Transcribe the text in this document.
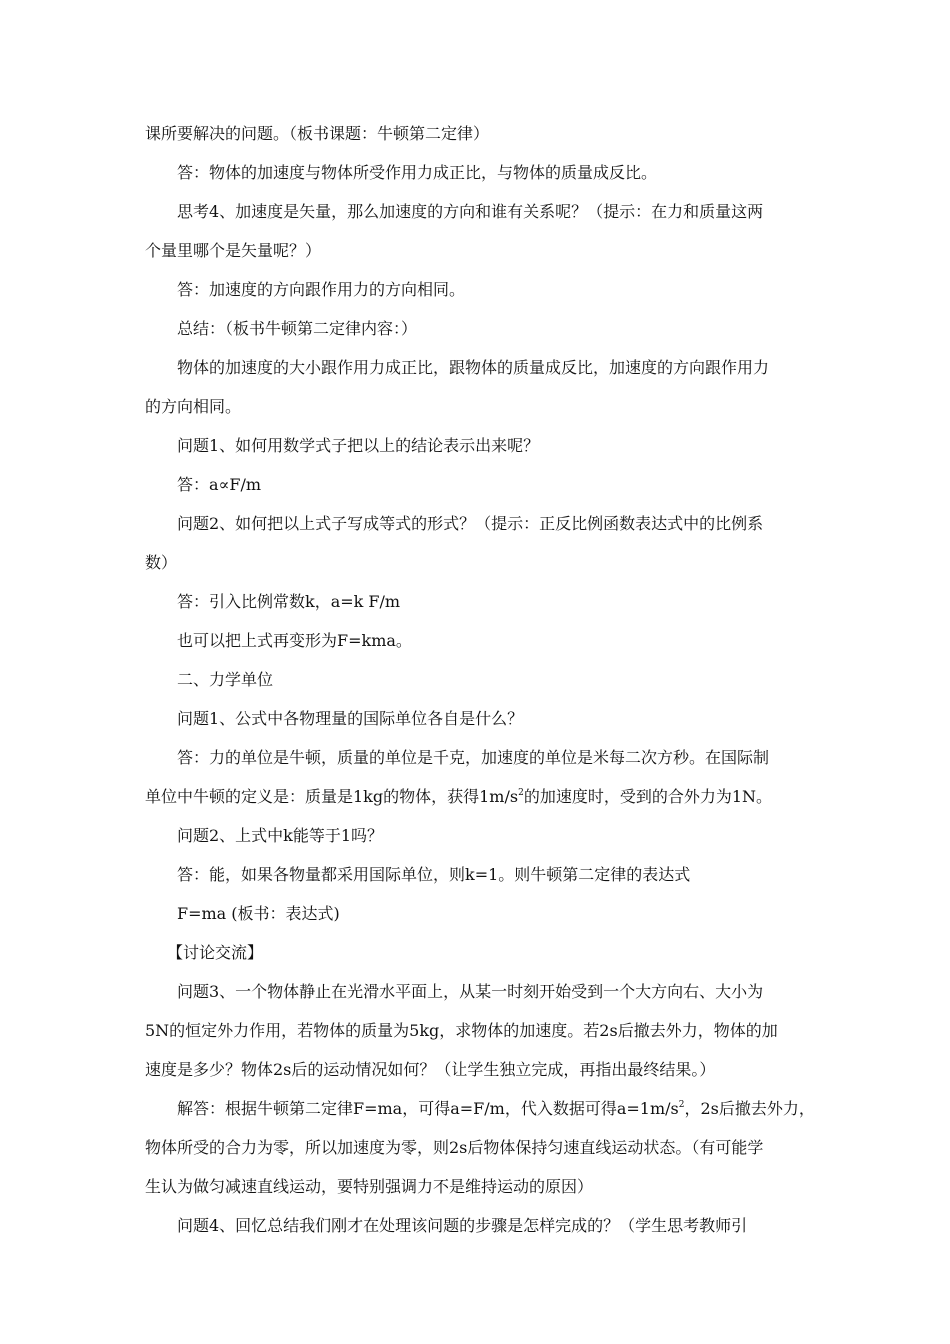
课所要解决的问题。（板书课题：牛顿第二定律）
答：物体的加速度与物体所受作用力成正比，与物体的质量成反比。
思考4、加速度是矢量，那么加速度的方向和谁有关系呢？（提示：在力和质量这两
个量里哪个是矢量呢？）
答：加速度的方向跟作用力的方向相同。
总结：（板书牛顿第二定律内容：）
物体的加速度的大小跟作用力成正比，跟物体的质量成反比，加速度的方向跟作用力
的方向相同。
问题1、如何用数学式子把以上的结论表示出来呢？
答：a∝F/m
问题2、如何把以上式子写成等式的形式？（提示：正反比例函数表达式中的比例系
数）
答：引入比例常数k，a=k F/m
也可以把上式再变形为F=kma。
二、力学单位
问题1、公式中各物理量的国际单位各自是什么？
答：力的单位是牛顿，质量的单位是千克，加速度的单位是米每二次方秒。在国际制
单位中牛顿的定义是：质量是1kg的物体，获得$1m/s^2$的加速度时，受到的合外力为1N。
问题2、上式中k能等于1吗？
答：能，如果各物量都采用国际单位，则k=1。则牛顿第二定律的表达式
F=ma (板书：表达式)
【讨论交流】
问题3、一个物体静止在光滑水平面上，从某一时刻开始受到一个大方向右、大小为
5N的恒定外力作用，若物体的质量为5kg，求物体的加速度。若2s后撤去外力，物体的加
速度是多少？物体2s后的运动情况如何？（让学生独立完成，再指出最终结果。）
解答：根据牛顿第二定律F=ma，可得a=F/m，代入数据可得$a=1m/s^2$，2s后撤去外力，
物体所受的合力为零，所以加速度为零，则2s后物体保持匀速直线运动状态。（有可能学
生认为做匀减速直线运动，要特别强调力不是维持运动的原因）
问题4、回忆总结我们刚才在处理该问题的步骤是怎样完成的？（学生思考教师引
